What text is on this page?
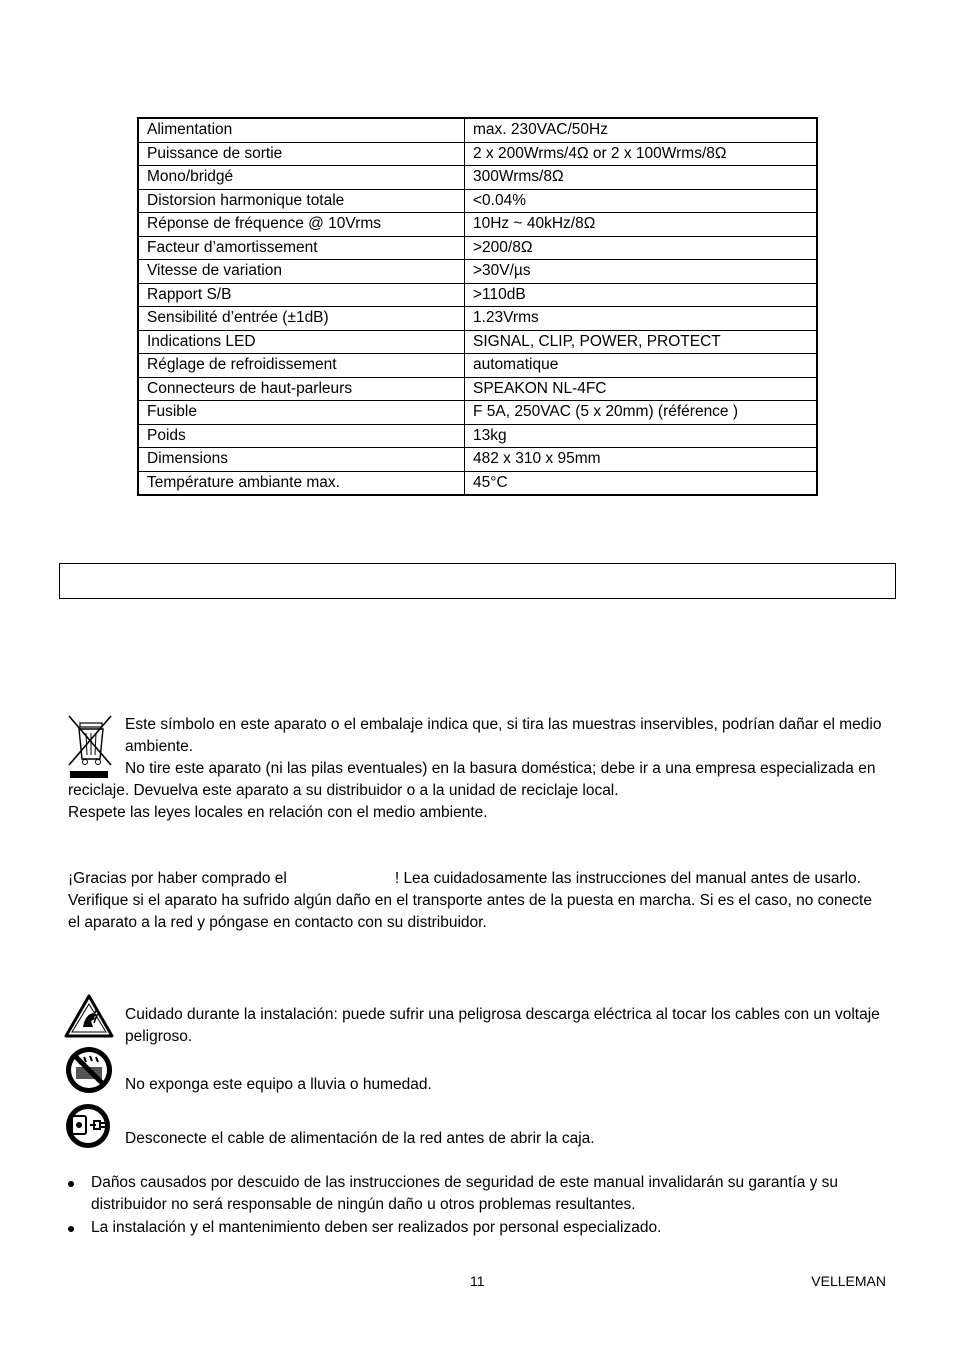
Alimentation	max. 230VAC/50Hz
Puissance de sortie	2 x 200Wrms/4Ω or 2 x 100Wrms/8Ω
Mono/bridgé	300Wrms/8Ω
Distorsion harmonique totale	<0.04%
Réponse de fréquence @ 10Vrms	10Hz ~ 40kHz/8Ω
Facteur d’amortissement	>200/8Ω
Vitesse de variation	>30V/µs
Rapport S/B	>110dB
Sensibilité d’entrée (±1dB)	1.23Vrms
Indications LED	SIGNAL, CLIP, POWER, PROTECT
Réglage de refroidissement	automatique
Connecteurs de haut-parleurs	SPEAKON NL-4FC
Fusible	F 5A, 250VAC (5 x 20mm) (référence )
Poids	13kg
Dimensions	482 x 310 x 95mm
Température ambiante max.	45°C

Este símbolo en este aparato o el embalaje indica que, si tira las muestras inservibles, podrían dañar el medio ambiente.

No tire este aparato (ni las pilas eventuales) en la basura doméstica; debe ir a una empresa especializada en reciclaje. Devuelva este aparato a su distribuidor o a la unidad de reciclaje local.

Respete las leyes locales en relación con el medio ambiente.

¡Gracias por haber comprado el	! Lea cuidadosamente las instrucciones del manual antes de usarlo. Verifique si el aparato ha sufrido algún daño en el transporte antes de la puesta en marcha. Si es el caso, no conecte el aparato a la red y póngase en contacto con su distribuidor.

Cuidado durante la instalación: puede sufrir una peligrosa descarga eléctrica al tocar los cables con un voltaje peligroso.

No exponga este equipo a lluvia o humedad.

Desconecte el cable de alimentación de la red antes de abrir la caja.

Daños causados por descuido de las instrucciones de seguridad de este manual invalidarán su garantía y su distribuidor no será responsable de ningún daño u otros problemas resultantes.
La instalación y el mantenimiento deben ser realizados por personal especializado.
11	VELLEMAN
